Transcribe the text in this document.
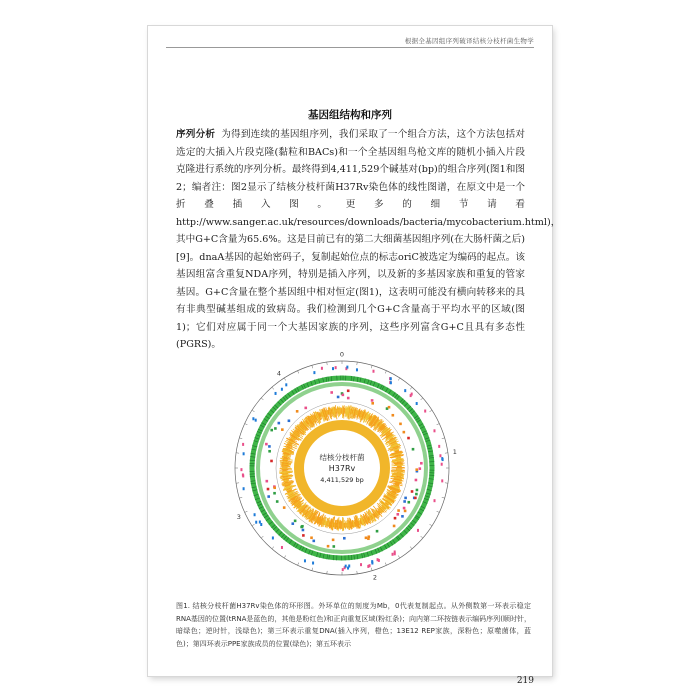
根据全基因组序列破译结核分枝杆菌生物学
基因组结构和序列

序列分析 为得到连续的基因组序列，我们采取了一个组合方法，这个方法包括对选定的大插入片段克隆(黏粒和BACs)和一个全基因组鸟枪文库的随机小插入片段克隆进行系统的序列分析。最终得到4,411,529个碱基对(bp)的组合序列(图1和图2；编者注：图2显示了结核分枝杆菌H37Rv染色体的线性图谱，在原文中是一个折叠插入图。更多的细节请看http://www.sanger.ac.uk/resources/downloads/bacteria/mycobacterium.html)，其中G+C含量为65.6%。这是目前已有的第二大细菌基因组序列(在大肠杆菌之后)[9]。dnaA基因的起始密码子，复制起始位点的标志oriC被选定为编码的起点。该基因组富含重复NDA序列，特别是插入序列，以及新的多基因家族和重复的管家基因。G+C含量在整个基因组中相对恒定(图1)，这表明可能没有横向转移来的具有非典型碱基组成的致病岛。我们检测到几个G+C含量高于平均水平的区域(图1)；它们对应属于同一个大基因家族的序列，这些序列富含G+C且具有多态性(PGRS)。

0
1
2
3
4
结核分枝杆菌
H37Rv
4,411,529 bp
图1. 结核分枝杆菌H37Rv染色体的环形图。外环单位的刻度为Mb，0代表复制起点。从外侧数第一环表示稳定RNA基因的位置(tRNA是蓝色的，其他是粉红色)和正向重复区域(粉红条)；向内第二环按链表示编码序列(顺时针，暗绿色；逆时针，浅绿色)；第三环表示重复DNA(插入序列，橙色；13E12 REP家族，深粉色；原噬菌体，蓝色)；第四环表示PPE家族成员的位置(绿色)；第五环表示
219
